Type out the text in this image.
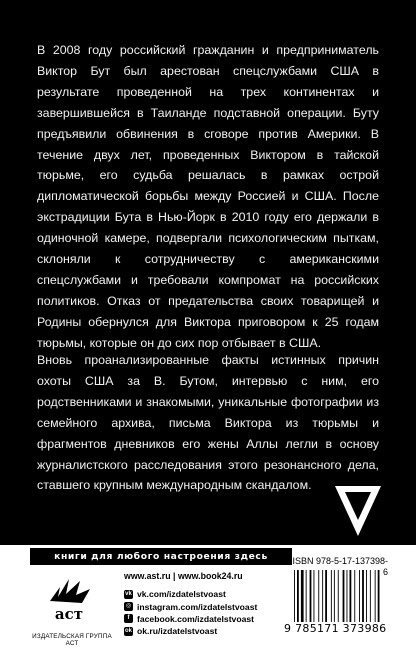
В 2008 году российский гражданин и предприниматель Виктор Бут был арестован спецслужбами США в результате проведенной на трех континентах и завершившейся в Таиланде подставной операции. Буту предъявили обвинения в сговоре против Америки. В течение двух лет, проведенных Виктором в тайской тюрьме, его судьба решалась в рамках острой дипломатической борьбы между Россией и США. После экстрадиции Бута в Нью-Йорк в 2010 году его держали в одиночной камере, подвергали психологическим пыткам, склоняли к сотрудничеству с американскими спецслужбами и требовали компромат на российских политиков. Отказ от предательства своих товарищей и Родины обернулся для Виктора приговором к 25 годам тюрьмы, которые он до сих пор отбывает в США.

Вновь проанализированные факты истинных причин охоты США за В. Бутом, интервью с ним, его родственниками и знакомыми, уникальные фотографии из семейного архива, письма Виктора из тюрьмы и фрагментов дневников его жены Аллы легли в основу журналистского расследования этого резонансного дела, ставшего крупным международным скандалом.

книги для любого настроения здесь	ISBN 978-5-17-137398-6
аст
ИЗДАТЕЛЬСКАЯ ГРУППА АСТ
www.ast.ru | www.book24.ru
vk vk.com/izdatelstvoast
◎ instagram.com/izdatelstvoast
f facebook.com/izdatelstvoast
ok ok.ru/izdatelstvoast	9 785171 373986
